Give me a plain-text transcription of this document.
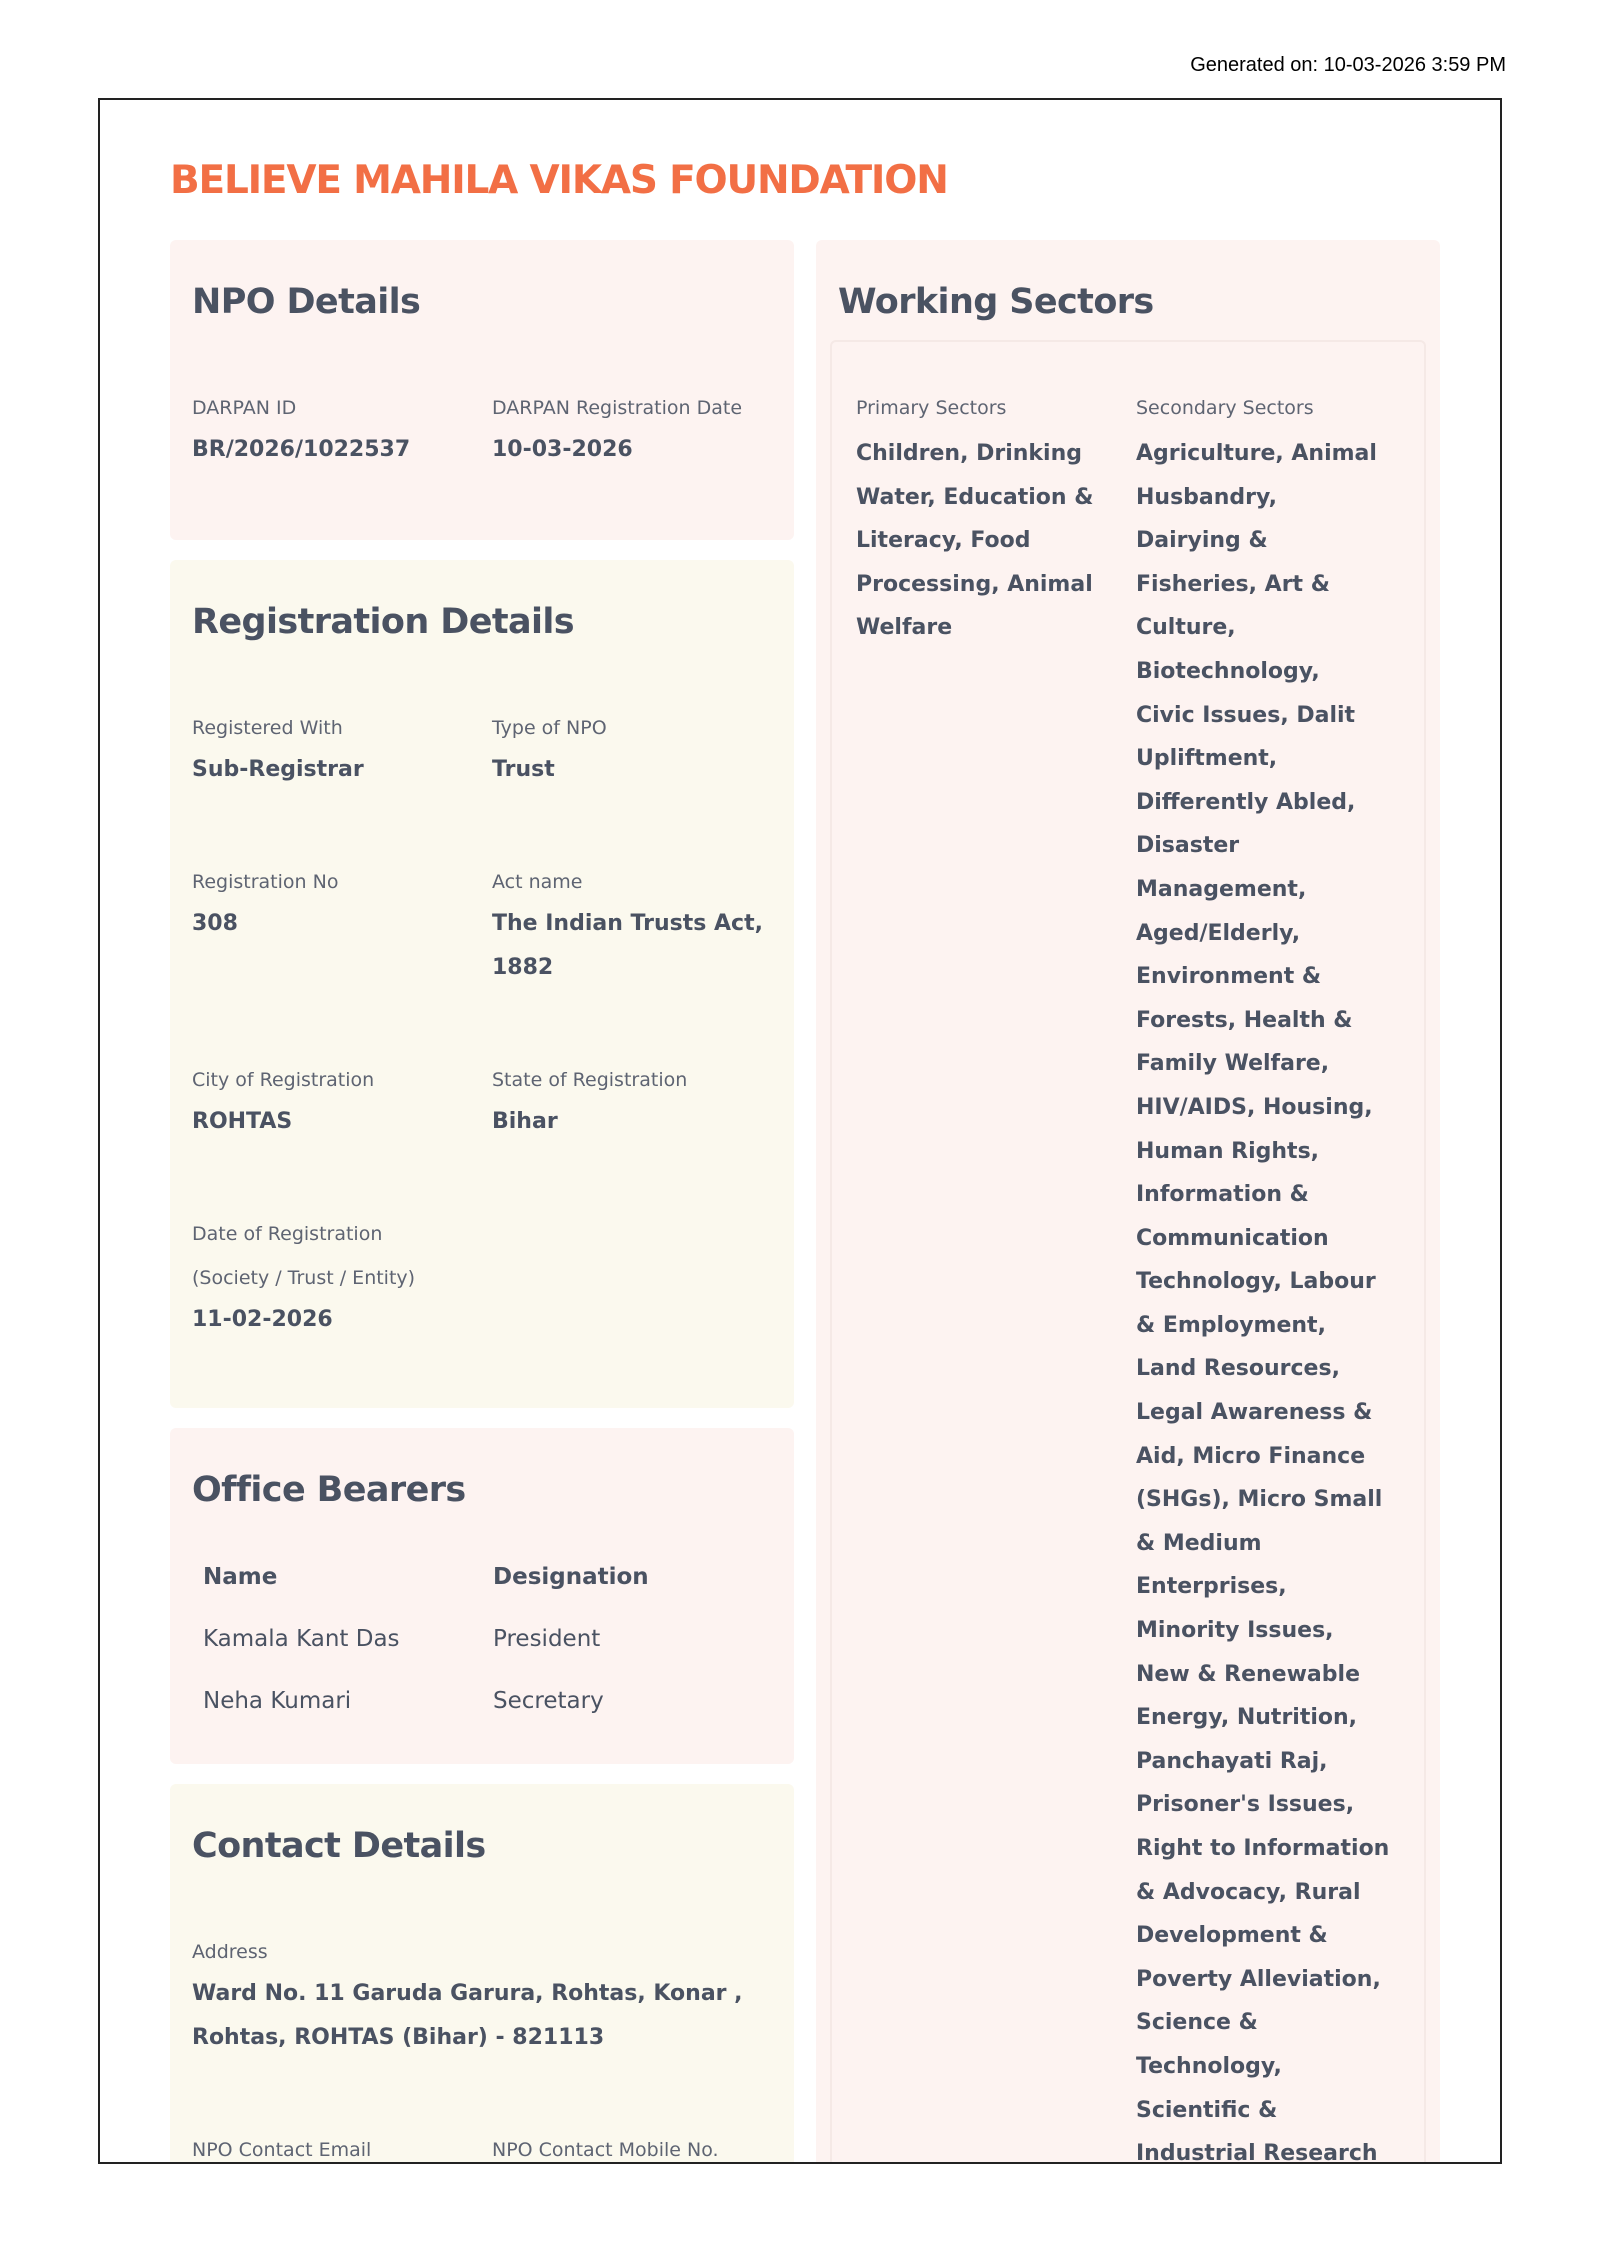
Generated on: 10-03-2026 3:59 PM

BELIEVE MAHILA VIKAS FOUNDATION
NPO Details
DARPAN ID
BR/2026/1022537
DARPAN Registration Date
10-03-2026
Registration Details
Registered With
Sub-Registrar
Type of NPO
Trust
Registration No
308
Act name
The Indian Trusts Act,
1882
City of Registration
ROHTAS
State of Registration
Bihar
Date of Registration
(Society / Trust / Entity)
11-02-2026
Office Bearers
Name	Designation
Kamala Kant Das	President
Neha Kumari	Secretary
Contact Details
Address
Ward No. 11 Garuda Garura, Rohtas, Konar ,
Rohtas, ROHTAS (Bihar) - 821113
NPO Contact Email	NPO Contact Mobile No.
Working Sectors
Primary Sectors
Children, Drinking
Water, Education &
Literacy, Food
Processing, Animal
Welfare
Secondary Sectors
Agriculture, Animal
Husbandry,
Dairying &
Fisheries, Art &
Culture,
Biotechnology,
Civic Issues, Dalit
Upliftment,
Differently Abled,
Disaster
Management,
Aged/Elderly,
Environment &
Forests, Health &
Family Welfare,
HIV/AIDS, Housing,
Human Rights,
Information &
Communication
Technology, Labour
& Employment,
Land Resources,
Legal Awareness &
Aid, Micro Finance
(SHGs), Micro Small
& Medium
Enterprises,
Minority Issues,
New & Renewable
Energy, Nutrition,
Panchayati Raj,
Prisoner's Issues,
Right to Information
& Advocacy, Rural
Development &
Poverty Alleviation,
Science &
Technology,
Scientific &
Industrial Research
